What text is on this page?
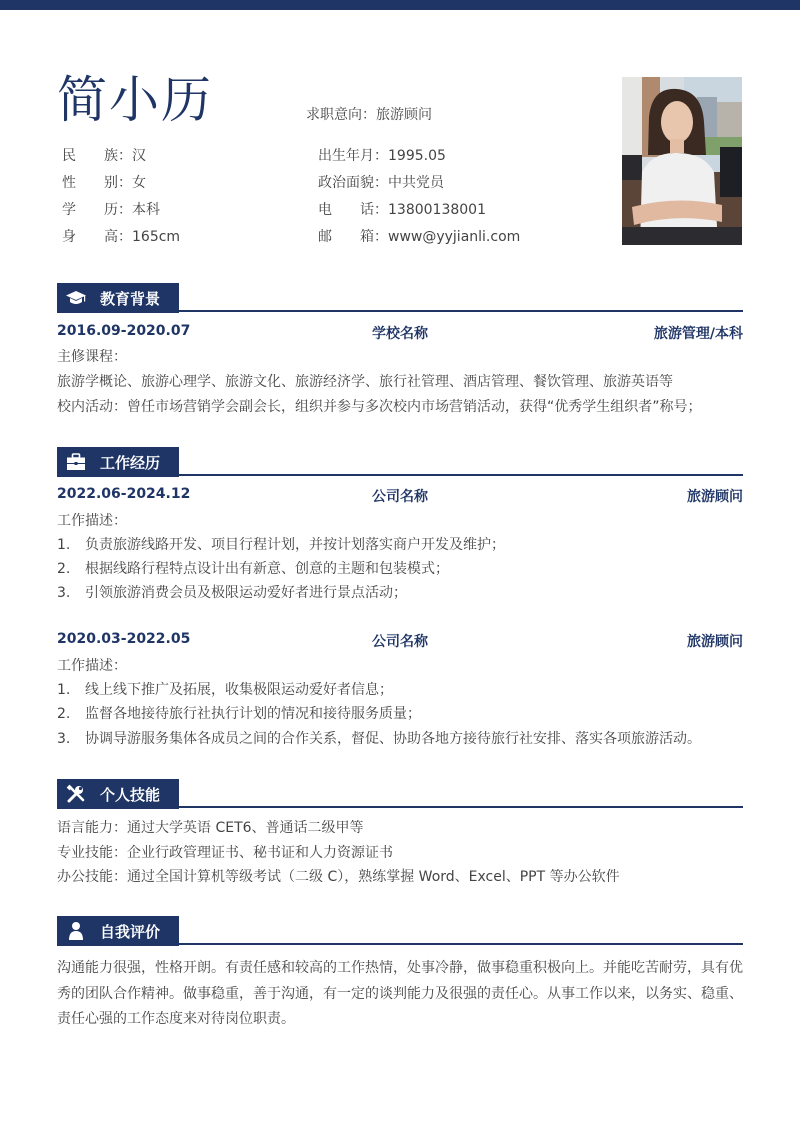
简小历	求职意向：旅游顾问
民 族：汉
性 别：女
学 历：本科
身 高：165cm
出生年月：1995.05
政治面貌：中共党员
电 话：13800138001
邮 箱：www@yyjianli.com
教育背景
2016.09-2020.07	学校名称	旅游管理/本科
主修课程：
旅游学概论、旅游心理学、旅游文化、旅游经济学、旅行社管理、酒店管理、餐饮管理、旅游英语等
校内活动：曾任市场营销学会副会长，组织并参与多次校内市场营销活动，获得“优秀学生组织者”称号；
工作经历
2022.06-2024.12	公司名称	旅游顾问
工作描述：
1. 负责旅游线路开发、项目行程计划，并按计划落实商户开发及维护；
2. 根据线路行程特点设计出有新意、创意的主题和包装模式；
3. 引领旅游消费会员及极限运动爱好者进行景点活动；
2020.03-2022.05	公司名称	旅游顾问
工作描述：
1. 线上线下推广及拓展，收集极限运动爱好者信息；
2. 监督各地接待旅行社执行计划的情况和接待服务质量；
3. 协调导游服务集体各成员之间的合作关系，督促、协助各地方接待旅行社安排、落实各项旅游活动。
个人技能
语言能力：通过大学英语 CET6、普通话二级甲等
专业技能：企业行政管理证书、秘书证和人力资源证书
办公技能：通过全国计算机等级考试（二级 C），熟练掌握 Word、Excel、PPT 等办公软件
自我评价
沟通能力很强，性格开朗。有责任感和较高的工作热情，处事冷静，做事稳重积极向上。并能吃苦耐劳，具有优秀的团队合作精神。做事稳重，善于沟通，有一定的谈判能力及很强的责任心。从事工作以来，以务实、稳重、责任心强的工作态度来对待岗位职责。
